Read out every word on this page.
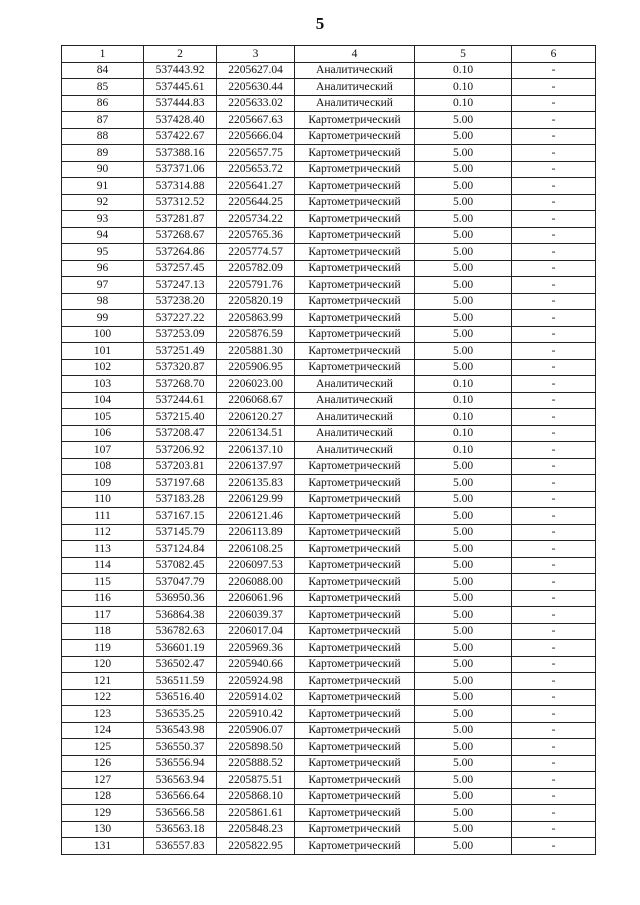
5
1	2	3	4	5	6
84	537443.92	2205627.04	Аналитический	0.10	-
85	537445.61	2205630.44	Аналитический	0.10	-
86	537444.83	2205633.02	Аналитический	0.10	-
87	537428.40	2205667.63	Картометрический	5.00	-
88	537422.67	2205666.04	Картометрический	5.00	-
89	537388.16	2205657.75	Картометрический	5.00	-
90	537371.06	2205653.72	Картометрический	5.00	-
91	537314.88	2205641.27	Картометрический	5.00	-
92	537312.52	2205644.25	Картометрический	5.00	-
93	537281.87	2205734.22	Картометрический	5.00	-
94	537268.67	2205765.36	Картометрический	5.00	-
95	537264.86	2205774.57	Картометрический	5.00	-
96	537257.45	2205782.09	Картометрический	5.00	-
97	537247.13	2205791.76	Картометрический	5.00	-
98	537238.20	2205820.19	Картометрический	5.00	-
99	537227.22	2205863.99	Картометрический	5.00	-
100	537253.09	2205876.59	Картометрический	5.00	-
101	537251.49	2205881.30	Картометрический	5.00	-
102	537320.87	2205906.95	Картометрический	5.00	-
103	537268.70	2206023.00	Аналитический	0.10	-
104	537244.61	2206068.67	Аналитический	0.10	-
105	537215.40	2206120.27	Аналитический	0.10	-
106	537208.47	2206134.51	Аналитический	0.10	-
107	537206.92	2206137.10	Аналитический	0.10	-
108	537203.81	2206137.97	Картометрический	5.00	-
109	537197.68	2206135.83	Картометрический	5.00	-
110	537183.28	2206129.99	Картометрический	5.00	-
111	537167.15	2206121.46	Картометрический	5.00	-
112	537145.79	2206113.89	Картометрический	5.00	-
113	537124.84	2206108.25	Картометрический	5.00	-
114	537082.45	2206097.53	Картометрический	5.00	-
115	537047.79	2206088.00	Картометрический	5.00	-
116	536950.36	2206061.96	Картометрический	5.00	-
117	536864.38	2206039.37	Картометрический	5.00	-
118	536782.63	2206017.04	Картометрический	5.00	-
119	536601.19	2205969.36	Картометрический	5.00	-
120	536502.47	2205940.66	Картометрический	5.00	-
121	536511.59	2205924.98	Картометрический	5.00	-
122	536516.40	2205914.02	Картометрический	5.00	-
123	536535.25	2205910.42	Картометрический	5.00	-
124	536543.98	2205906.07	Картометрический	5.00	-
125	536550.37	2205898.50	Картометрический	5.00	-
126	536556.94	2205888.52	Картометрический	5.00	-
127	536563.94	2205875.51	Картометрический	5.00	-
128	536566.64	2205868.10	Картометрический	5.00	-
129	536566.58	2205861.61	Картометрический	5.00	-
130	536563.18	2205848.23	Картометрический	5.00	-
131	536557.83	2205822.95	Картометрический	5.00	-
